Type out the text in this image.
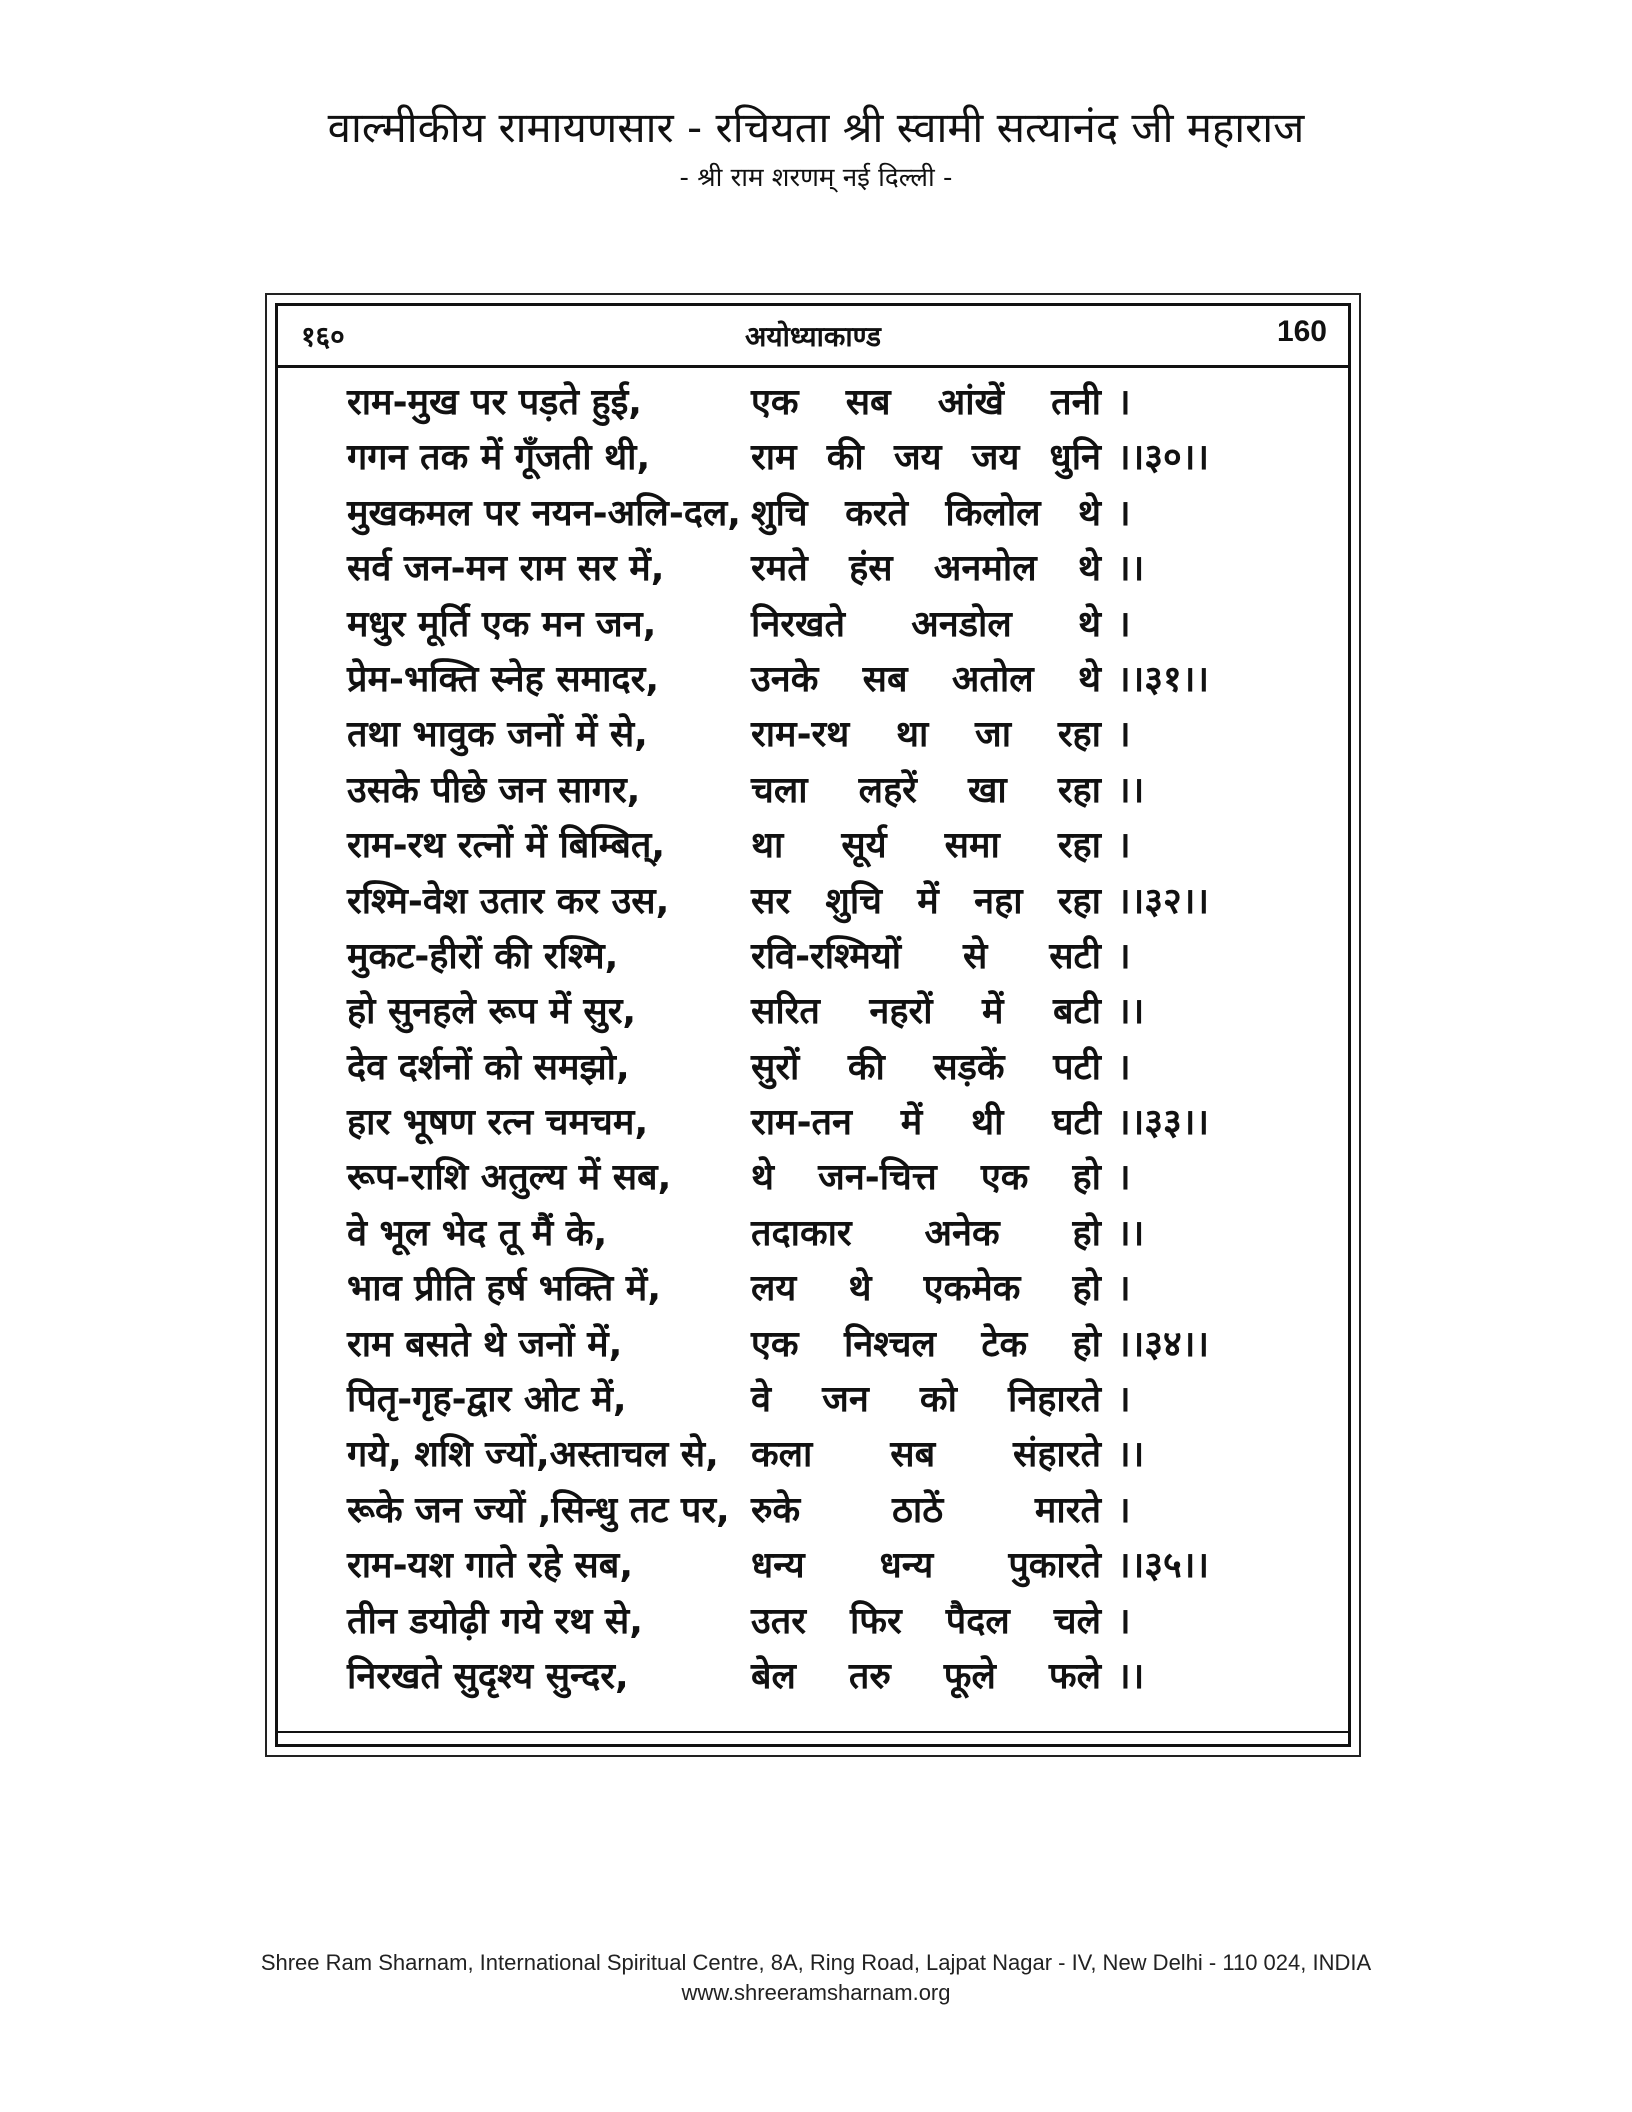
वाल्मीकीय रामायणसार - रचियता श्री स्वामी सत्यानंद जी महाराज
- श्री राम शरणम् नई दिल्ली -
१६०	अयोध्याकाण्ड	160
राम-मुख पर पड़ते हुई,	एक सब आंखें तनी ।
गगन तक में गूँजती थी,	राम की जय जय धुनि ।।३०।।
मुखकमल पर नयन-अलि-दल, शुचि करते किलोल थे ।
सर्व जन-मन राम सर में,	रमते हंस अनमोल थे ।।
मधुर मूर्ति एक मन जन,	निरखते अनडोल थे ।
प्रेम-भक्ति स्नेह समादर,	उनके सब अतोल थे ।।३१।।
तथा भावुक जनों में से,	राम-रथ था जा रहा ।
उसके पीछे जन सागर,	चला लहरें खा रहा ।।
राम-रथ रत्नों में बिम्बित्,	था सूर्य समा रहा ।
रश्मि-वेश उतार कर उस,	सर शुचि में नहा रहा ।।३२।।
मुकट-हीरों की रश्मि,	रवि-रश्मियों से सटी ।
हो सुनहले रूप में सुर,	सरित नहरों में बटी ।।
देव दर्शनों को समझो,	सुरों की सड़कें पटी ।
हार भूषण रत्न चमचम,	राम-तन में थी घटी ।।३३।।
रूप-राशि अतुल्य में सब,	थे जन-चित्त एक हो ।
वे भूल भेद तू मैं के,	तदाकार अनेक हो ।।
भाव प्रीति हर्ष भक्ति में,	लय थे एकमेक हो ।
राम बसते थे जनों में,	एक निश्चल टेक हो ।।३४।।
पितृ-गृह-द्वार ओट में,	वे जन को निहारते ।
गये, शशि ज्यों,अस्ताचल से, कला सब संहारते ।।
रूके जन ज्यों ,सिन्धु तट पर, रुके ठाठें मारते ।
राम-यश गाते रहे सब,	धन्य धन्य पुकारते ।।३५।।
तीन डयोढ़ी गये रथ से,	उतर फिर पैदल चले ।
निरखते सुदृश्य सुन्दर,	बेल तरु फूले फले ।।
Shree Ram Sharnam, International Spiritual Centre, 8A, Ring Road, Lajpat Nagar - IV, New Delhi - 110 024, INDIA
www.shreeramsharnam.org
